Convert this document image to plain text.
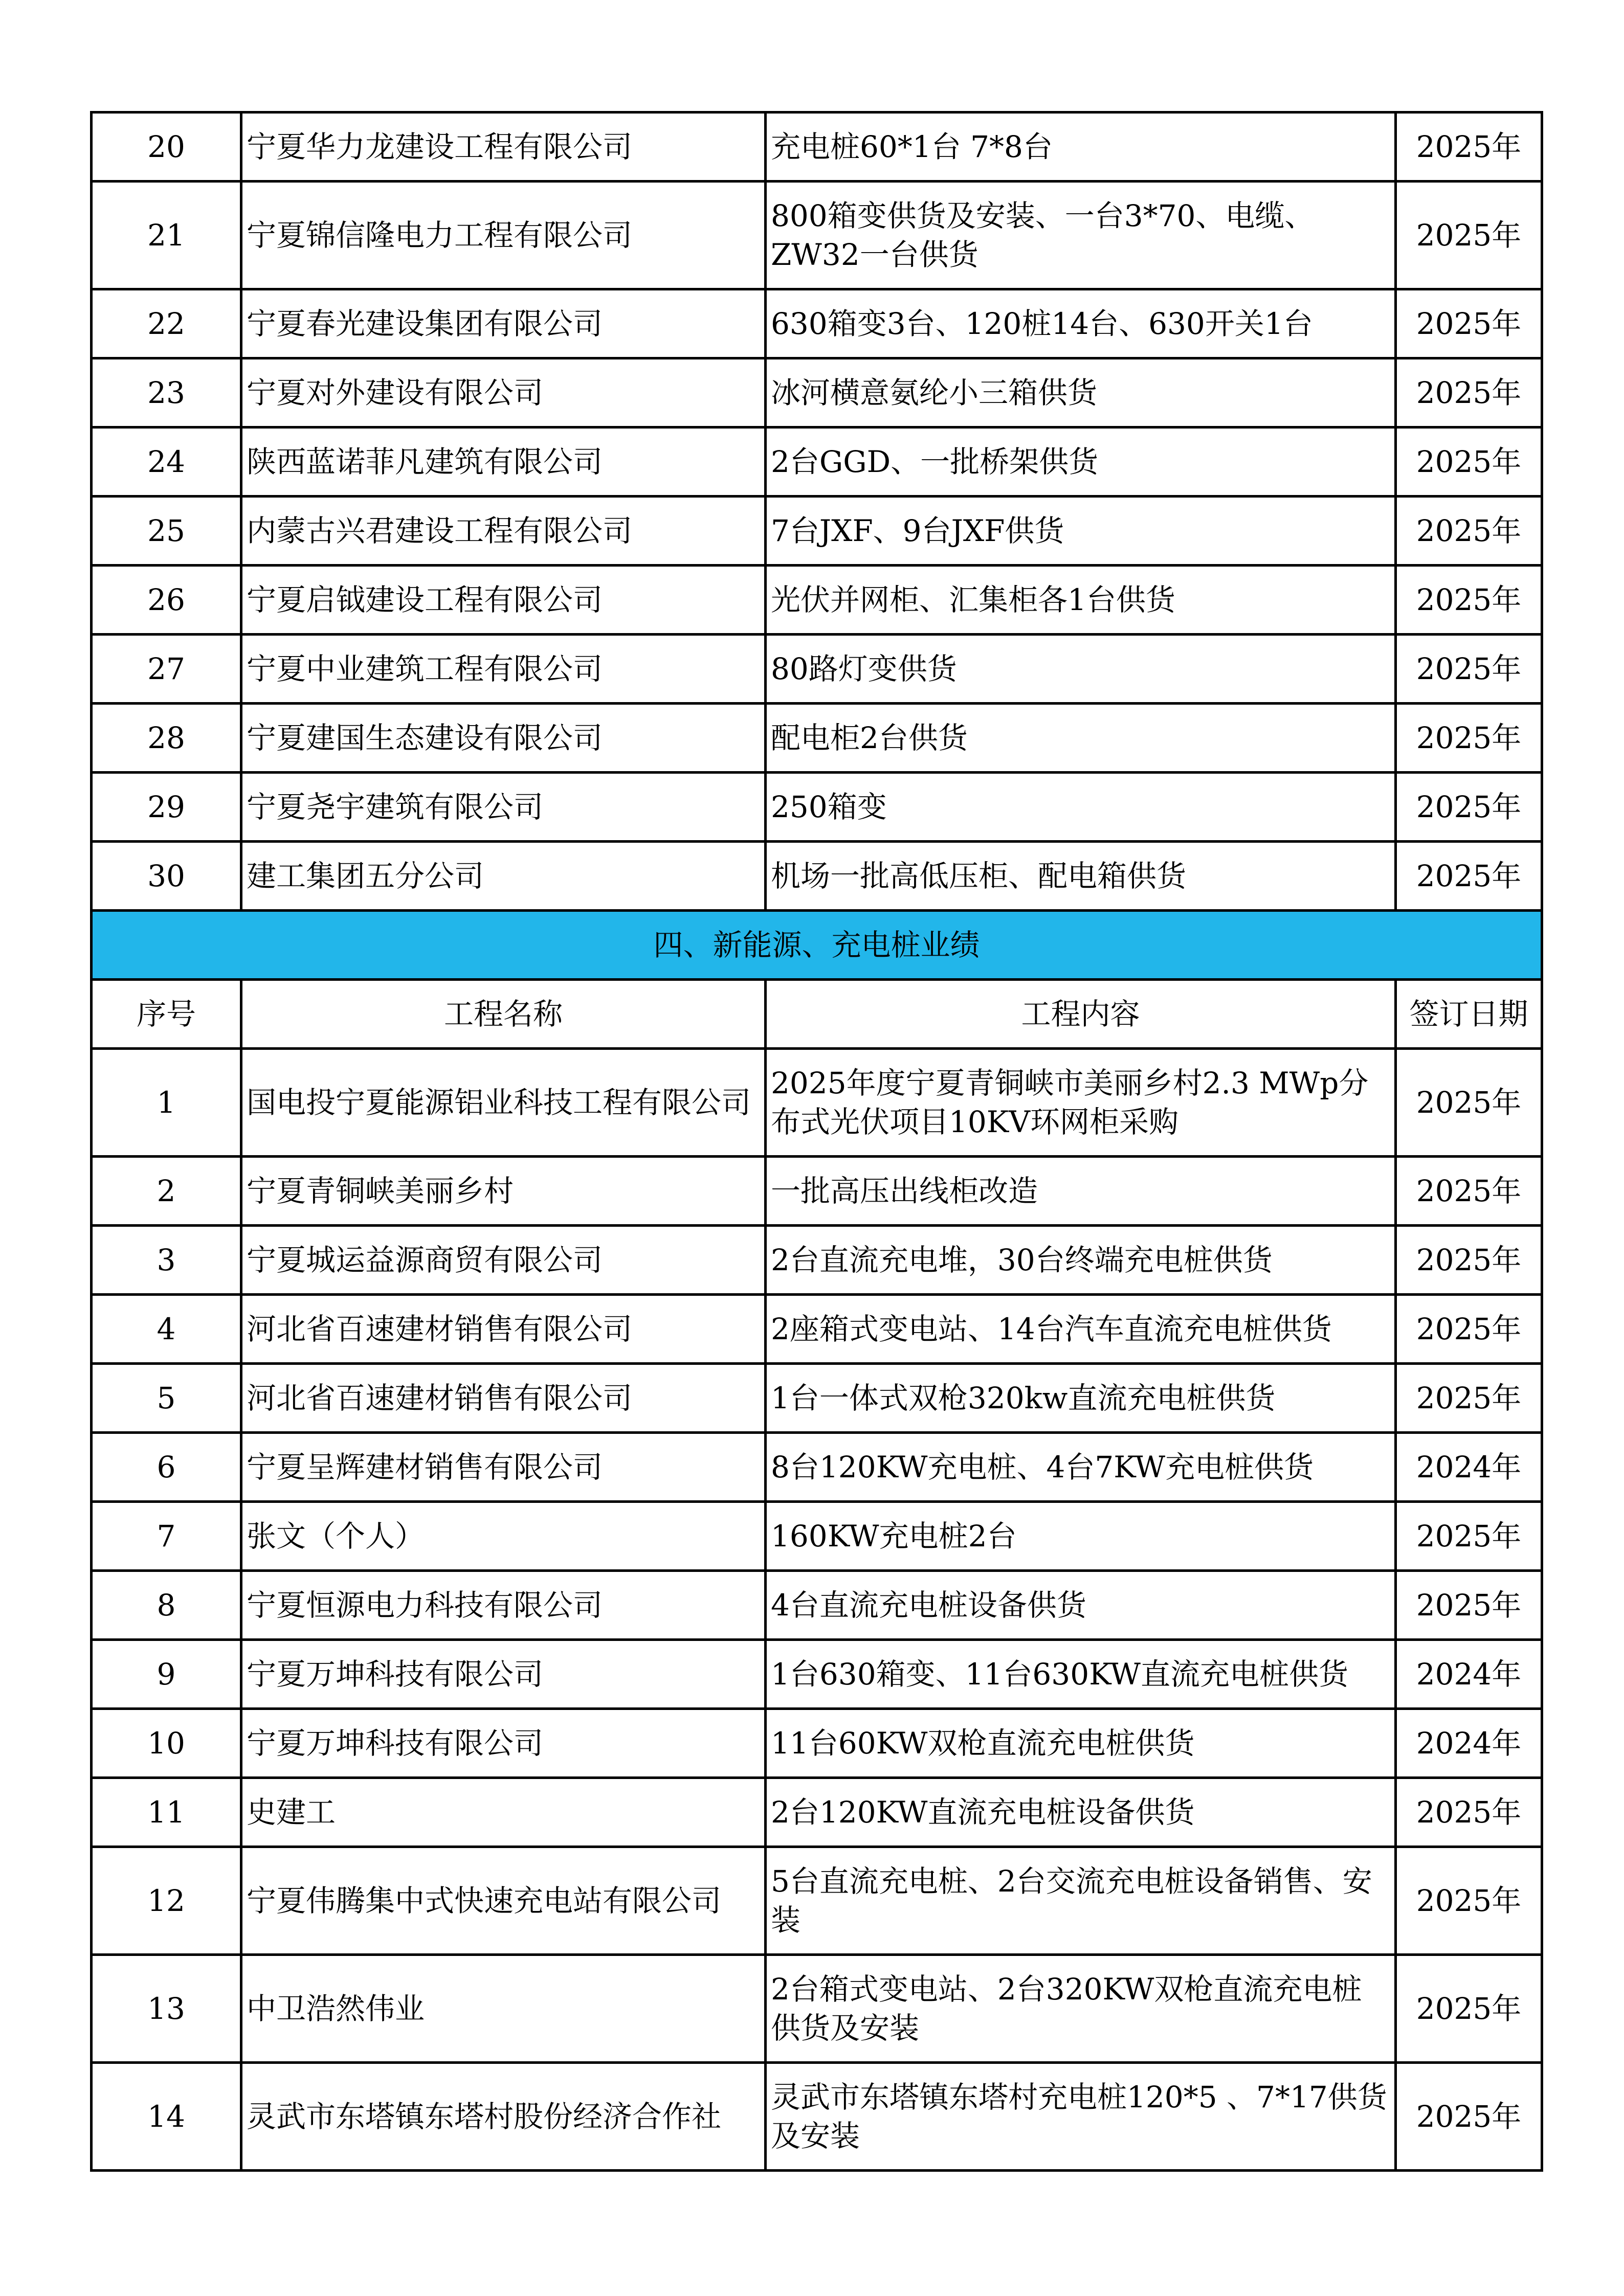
20	宁夏华力龙建设工程有限公司	充电桩60*1台 7*8台	2025年
21	宁夏锦信隆电力工程有限公司	800箱变供货及安装、一台3*70、电缆、ZW32一台供货	2025年
22	宁夏春光建设集团有限公司	630箱变3台、120桩14台、630开关1台	2025年
23	宁夏对外建设有限公司	冰河横意氨纶小三箱供货	2025年
24	陕西蓝诺菲凡建筑有限公司	2台GGD、一批桥架供货	2025年
25	内蒙古兴君建设工程有限公司	7台JXF、9台JXF供货	2025年
26	宁夏启钺建设工程有限公司	光伏并网柜、汇集柜各1台供货	2025年
27	宁夏中业建筑工程有限公司	80路灯变供货	2025年
28	宁夏建国生态建设有限公司	配电柜2台供货	2025年
29	宁夏尧宇建筑有限公司	250箱变	2025年
30	建工集团五分公司	机场一批高低压柜、配电箱供货	2025年
四、新能源、充电桩业绩			
序号	工程名称	工程内容	签订日期
1	国电投宁夏能源铝业科技工程有限公司	2025年度宁夏青铜峡市美丽乡村2.3 MWp分布式光伏项目10KV环网柜采购	2025年
2	宁夏青铜峡美丽乡村	一批高压出线柜改造	2025年
3	宁夏城运益源商贸有限公司	2台直流充电堆，30台终端充电桩供货	2025年
4	河北省百速建材销售有限公司	2座箱式变电站、14台汽车直流充电桩供货	2025年
5	河北省百速建材销售有限公司	1台一体式双枪320kw直流充电桩供货	2025年
6	宁夏呈辉建材销售有限公司	8台120KW充电桩、4台7KW充电桩供货	2024年
7	张文（个人）	160KW充电桩2台	2025年
8	宁夏恒源电力科技有限公司	4台直流充电桩设备供货	2025年
9	宁夏万坤科技有限公司	1台630箱变、11台630KW直流充电桩供货	2024年
10	宁夏万坤科技有限公司	11台60KW双枪直流充电桩供货	2024年
11	史建工	2台120KW直流充电桩设备供货	2025年
12	宁夏伟腾集中式快速充电站有限公司	5台直流充电桩、2台交流充电桩设备销售、安装	2025年
13	中卫浩然伟业	2台箱式变电站、2台320KW双枪直流充电桩供货及安装	2025年
14	灵武市东塔镇东塔村股份经济合作社	灵武市东塔镇东塔村充电桩120*5 、7*17供货及安装	2025年
